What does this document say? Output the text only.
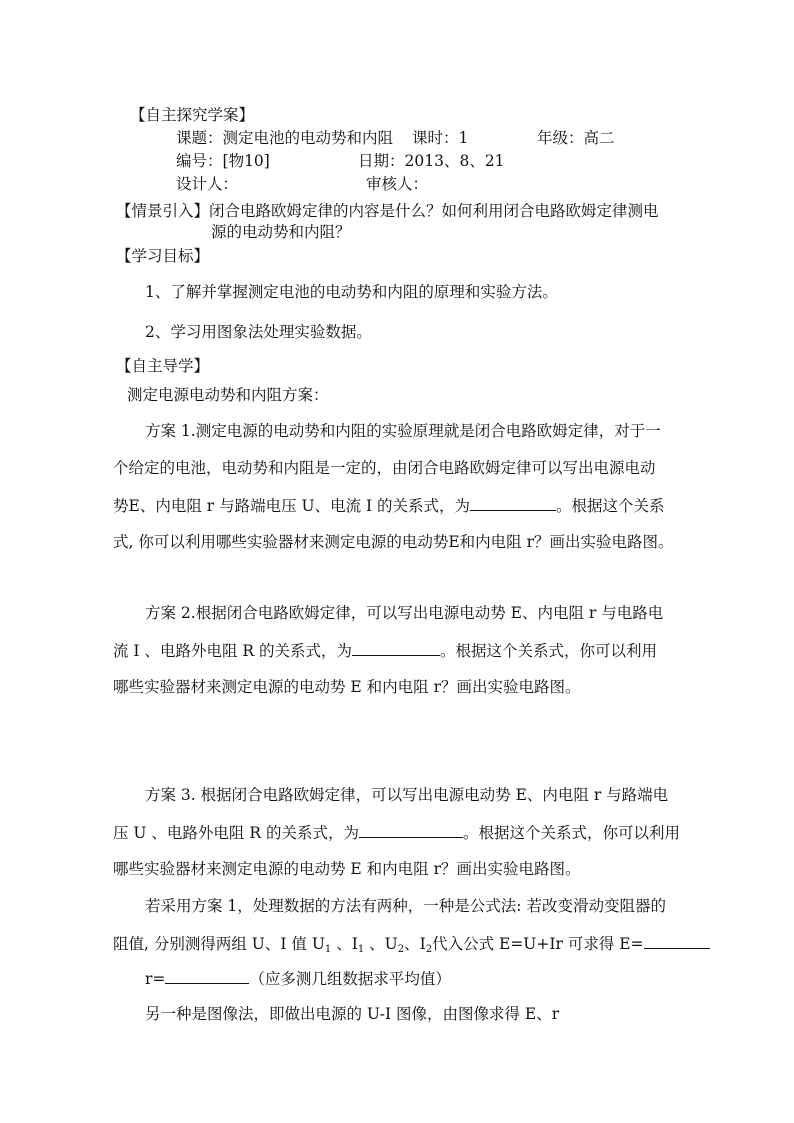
【自主探究学案】
课题：测定电池的电动势和内阻 课时：1	年级：高二
编号：[物10]	日期：2013、8、21
设计人：	审核人：
【情景引入】闭合电路欧姆定律的内容是什么？如何利用闭合电路欧姆定律测电
源的电动势和内阻？
【学习目标】
1、了解并掌握测定电池的电动势和内阻的原理和实验方法。
2、学习用图象法处理实验数据。
【自主导学】
测定电源电动势和内阻方案：
方案 1.测定电源的电动势和内阻的实验原理就是闭合电路欧姆定律，对于一
个给定的电池，电动势和内阻是一定的，由闭合电路欧姆定律可以写出电源电动
势E、内电阻 r 与路端电压 U、电流 I 的关系式，为	。根据这个关系
式, 你可以利用哪些实验器材来测定电源的电动势E和内电阻 r？画出实验电路图。
方案 2.根据闭合电路欧姆定律，可以写出电源电动势 E、内电阻 r 与电路电
流 I 、电路外电阻 R 的关系式，为	。根据这个关系式，你可以利用
哪些实验器材来测定电源的电动势 E 和内电阻 r？画出实验电路图。
方案 3. 根据闭合电路欧姆定律，可以写出电源电动势 E、内电阻 r 与路端电
压 U 、电路外电阻 R 的关系式，为	。根据这个关系式，你可以利用
哪些实验器材来测定电源的电动势 E 和内电阻 r？画出实验电路图。
若采用方案 1，处理数据的方法有两种，一种是公式法: 若改变滑动变阻器的
阻值, 分别测得两组 U、I 值 $U_1$ 、$I_1$ 、$U_2$、$I_2$代入公式 E=U+Ir 可求得 E=
r=	（应多测几组数据求平均值）
另一种是图像法，即做出电源的 U-I 图像，由图像求得 E、r
